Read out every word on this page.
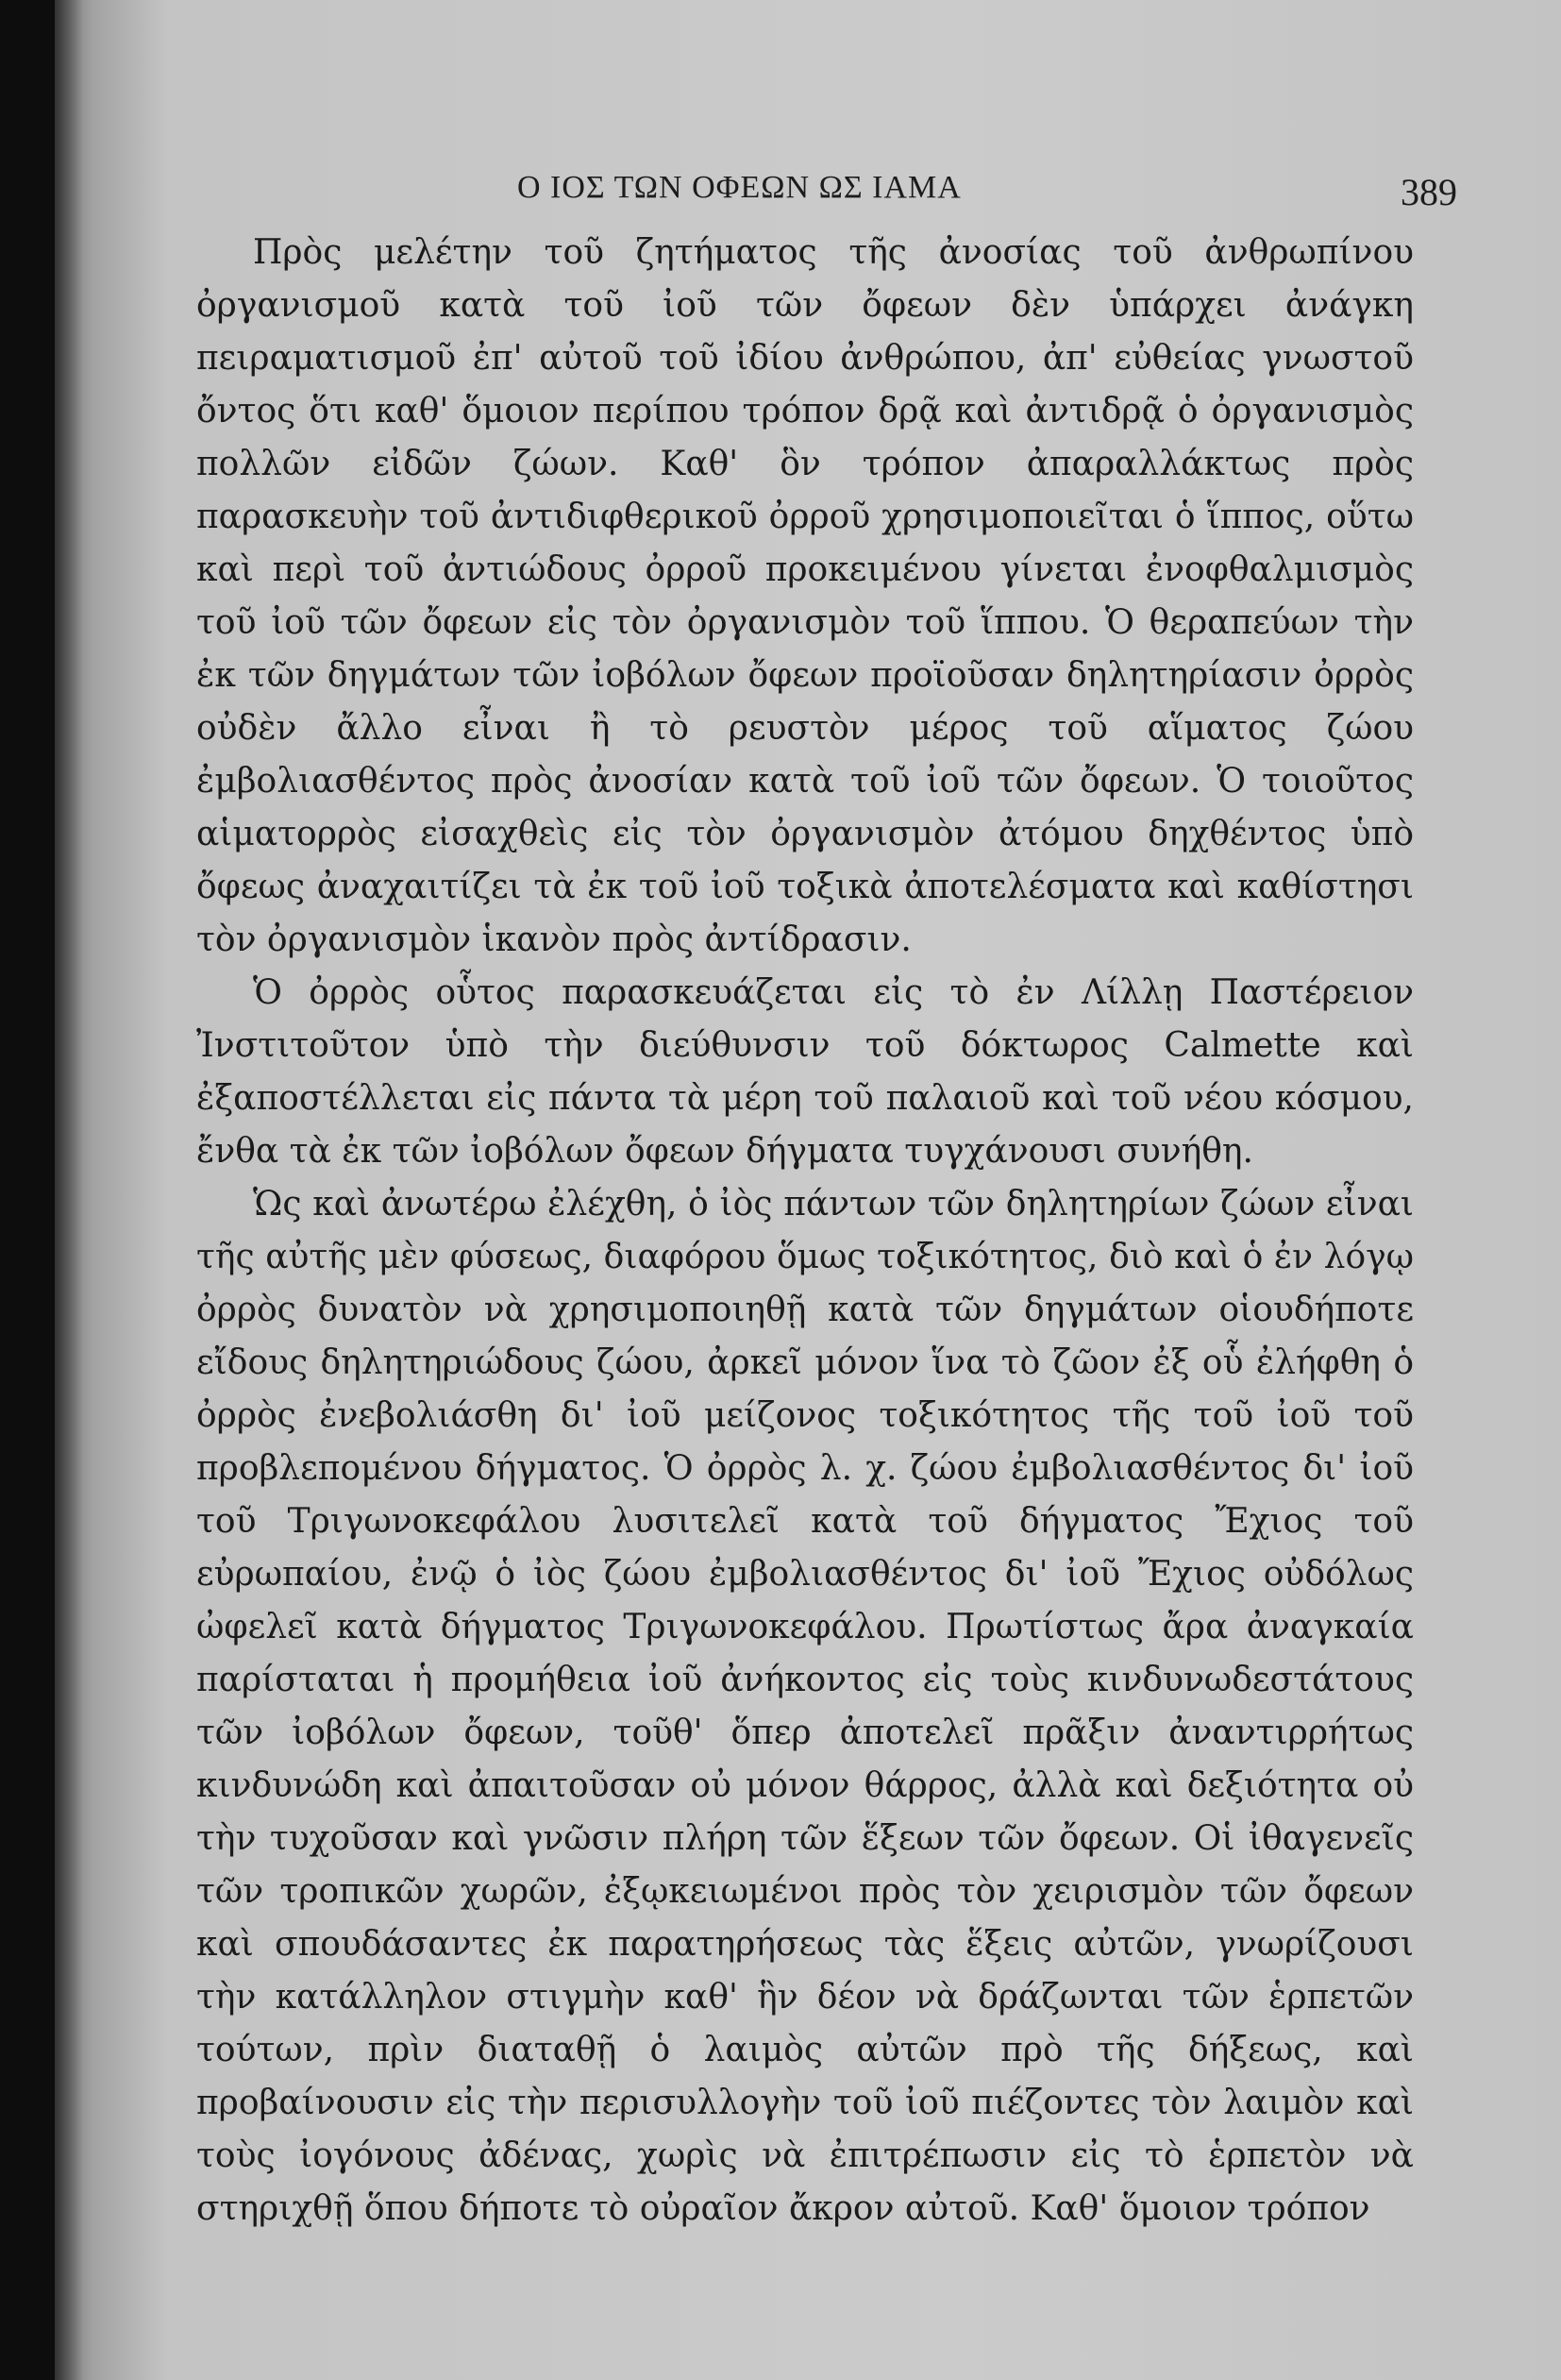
Ο ΙΟΣ ΤΩΝ ΟΦΕΩΝ ΩΣ ΙΑΜΑ	389

Πρὸς μελέτην τοῦ ζητήματος τῆς ἀνοσίας τοῦ ἀνθρωπίνου ὀργανισμοῦ κατὰ τοῦ ἰοῦ τῶν ὄφεων δὲν ὑπάρχει ἀνάγκη πειραματισμοῦ ἐπ' αὐτοῦ τοῦ ἰδίου ἀνθρώπου, ἀπ' εὐθείας γνωστοῦ ὄντος ὅτι καθ' ὅμοιον περίπου τρόπον δρᾷ καὶ ἀντιδρᾷ ὁ ὀργανισμὸς πολλῶν εἰδῶν ζώων. Καθ' ὃν τρόπον ἀπαραλλάκτως πρὸς παρασκευὴν τοῦ ἀντιδιφθερικοῦ ὀρροῦ χρησιμοποιεῖται ὁ ἵππος, οὕτω καὶ περὶ τοῦ ἀντιώδους ὀρροῦ προκειμένου γίνεται ἐνοφθαλμισμὸς τοῦ ἰοῦ τῶν ὄφεων εἰς τὸν ὀργανισμὸν τοῦ ἵππου. Ὁ θεραπεύων τὴν ἐκ τῶν δηγμάτων τῶν ἰοβόλων ὄφεων προϊοῦσαν δηλητηρίασιν ὀρρὸς οὐδὲν ἄλλο εἶναι ἢ τὸ ρευστὸν μέρος τοῦ αἵματος ζώου ἐμβολιασθέντος πρὸς ἀνοσίαν κατὰ τοῦ ἰοῦ τῶν ὄφεων. Ὁ τοιοῦτος αἱματορρὸς εἰσαχθεὶς εἰς τὸν ὀργανισμὸν ἀτόμου δηχθέντος ὑπὸ ὄφεως ἀναχαιτίζει τὰ ἐκ τοῦ ἰοῦ τοξικὰ ἀποτελέσματα καὶ καθίστησι τὸν ὀργανισμὸν ἱκανὸν πρὸς ἀντίδρασιν.

Ὁ ὀρρὸς οὗτος παρασκευάζεται εἰς τὸ ἐν Λίλλῃ Παστέρειον Ἰνστιτοῦτον ὑπὸ τὴν διεύθυνσιν τοῦ δόκτωρος Calmette καὶ ἐξαποστέλλεται εἰς πάντα τὰ μέρη τοῦ παλαιοῦ καὶ τοῦ νέου κόσμου, ἔνθα τὰ ἐκ τῶν ἰοβόλων ὄφεων δήγματα τυγχάνουσι συνήθη.

Ὡς καὶ ἀνωτέρω ἐλέχθη, ὁ ἰὸς πάντων τῶν δηλητηρίων ζώων εἶναι τῆς αὐτῆς μὲν φύσεως, διαφόρου ὅμως τοξικότητος, διὸ καὶ ὁ ἐν λόγῳ ὀρρὸς δυνατὸν νὰ χρησιμοποιηθῇ κατὰ τῶν δηγμάτων οἱουδήποτε εἴδους δηλητηριώδους ζώου, ἀρκεῖ μόνον ἵνα τὸ ζῶον ἐξ οὗ ἐλήφθη ὁ ὀρρὸς ἐνεβολιάσθη δι' ἰοῦ μείζονος τοξικότητος τῆς τοῦ ἰοῦ τοῦ προβλεπομένου δήγματος. Ὁ ὀρρὸς λ. χ. ζώου ἐμβολιασθέντος δι' ἰοῦ τοῦ Τριγωνοκεφάλου λυσιτελεῖ κατὰ τοῦ δήγματος Ἔχιος τοῦ εὐρωπαίου, ἐνῷ ὁ ἰὸς ζώου ἐμβολιασθέντος δι' ἰοῦ Ἔχιος οὐδόλως ὠφελεῖ κατὰ δήγματος Τριγωνοκεφάλου. Πρωτίστως ἄρα ἀναγκαία παρίσταται ἡ προμήθεια ἰοῦ ἀνήκοντος εἰς τοὺς κινδυνωδεστάτους τῶν ἰοβόλων ὄφεων, τοῦθ' ὅπερ ἀποτελεῖ πρᾶξιν ἀναντιρρήτως κινδυνώδη καὶ ἀπαιτοῦσαν οὐ μόνον θάρρος, ἀλλὰ καὶ δεξιότητα οὐ τὴν τυχοῦσαν καὶ γνῶσιν πλήρη τῶν ἕξεων τῶν ὄφεων. Οἱ ἰθαγενεῖς τῶν τροπικῶν χωρῶν, ἐξῳκειωμένοι πρὸς τὸν χειρισμὸν τῶν ὄφεων καὶ σπουδάσαντες ἐκ παρατηρήσεως τὰς ἕξεις αὐτῶν, γνωρίζουσι τὴν κατάλληλον στιγμὴν καθ' ἣν δέον νὰ δράζωνται τῶν ἑρπετῶν τούτων, πρὶν διαταθῇ ὁ λαιμὸς αὐτῶν πρὸ τῆς δήξεως, καὶ προβαίνουσιν εἰς τὴν περισυλλογὴν τοῦ ἰοῦ πιέζοντες τὸν λαιμὸν καὶ τοὺς ἰογόνους ἀδένας, χωρὶς νὰ ἐπιτρέπωσιν εἰς τὸ ἑρπετὸν νὰ στηριχθῇ ὅπου δήποτε τὸ οὐραῖον ἄκρον αὐτοῦ. Καθ' ὅμοιον τρόπον
